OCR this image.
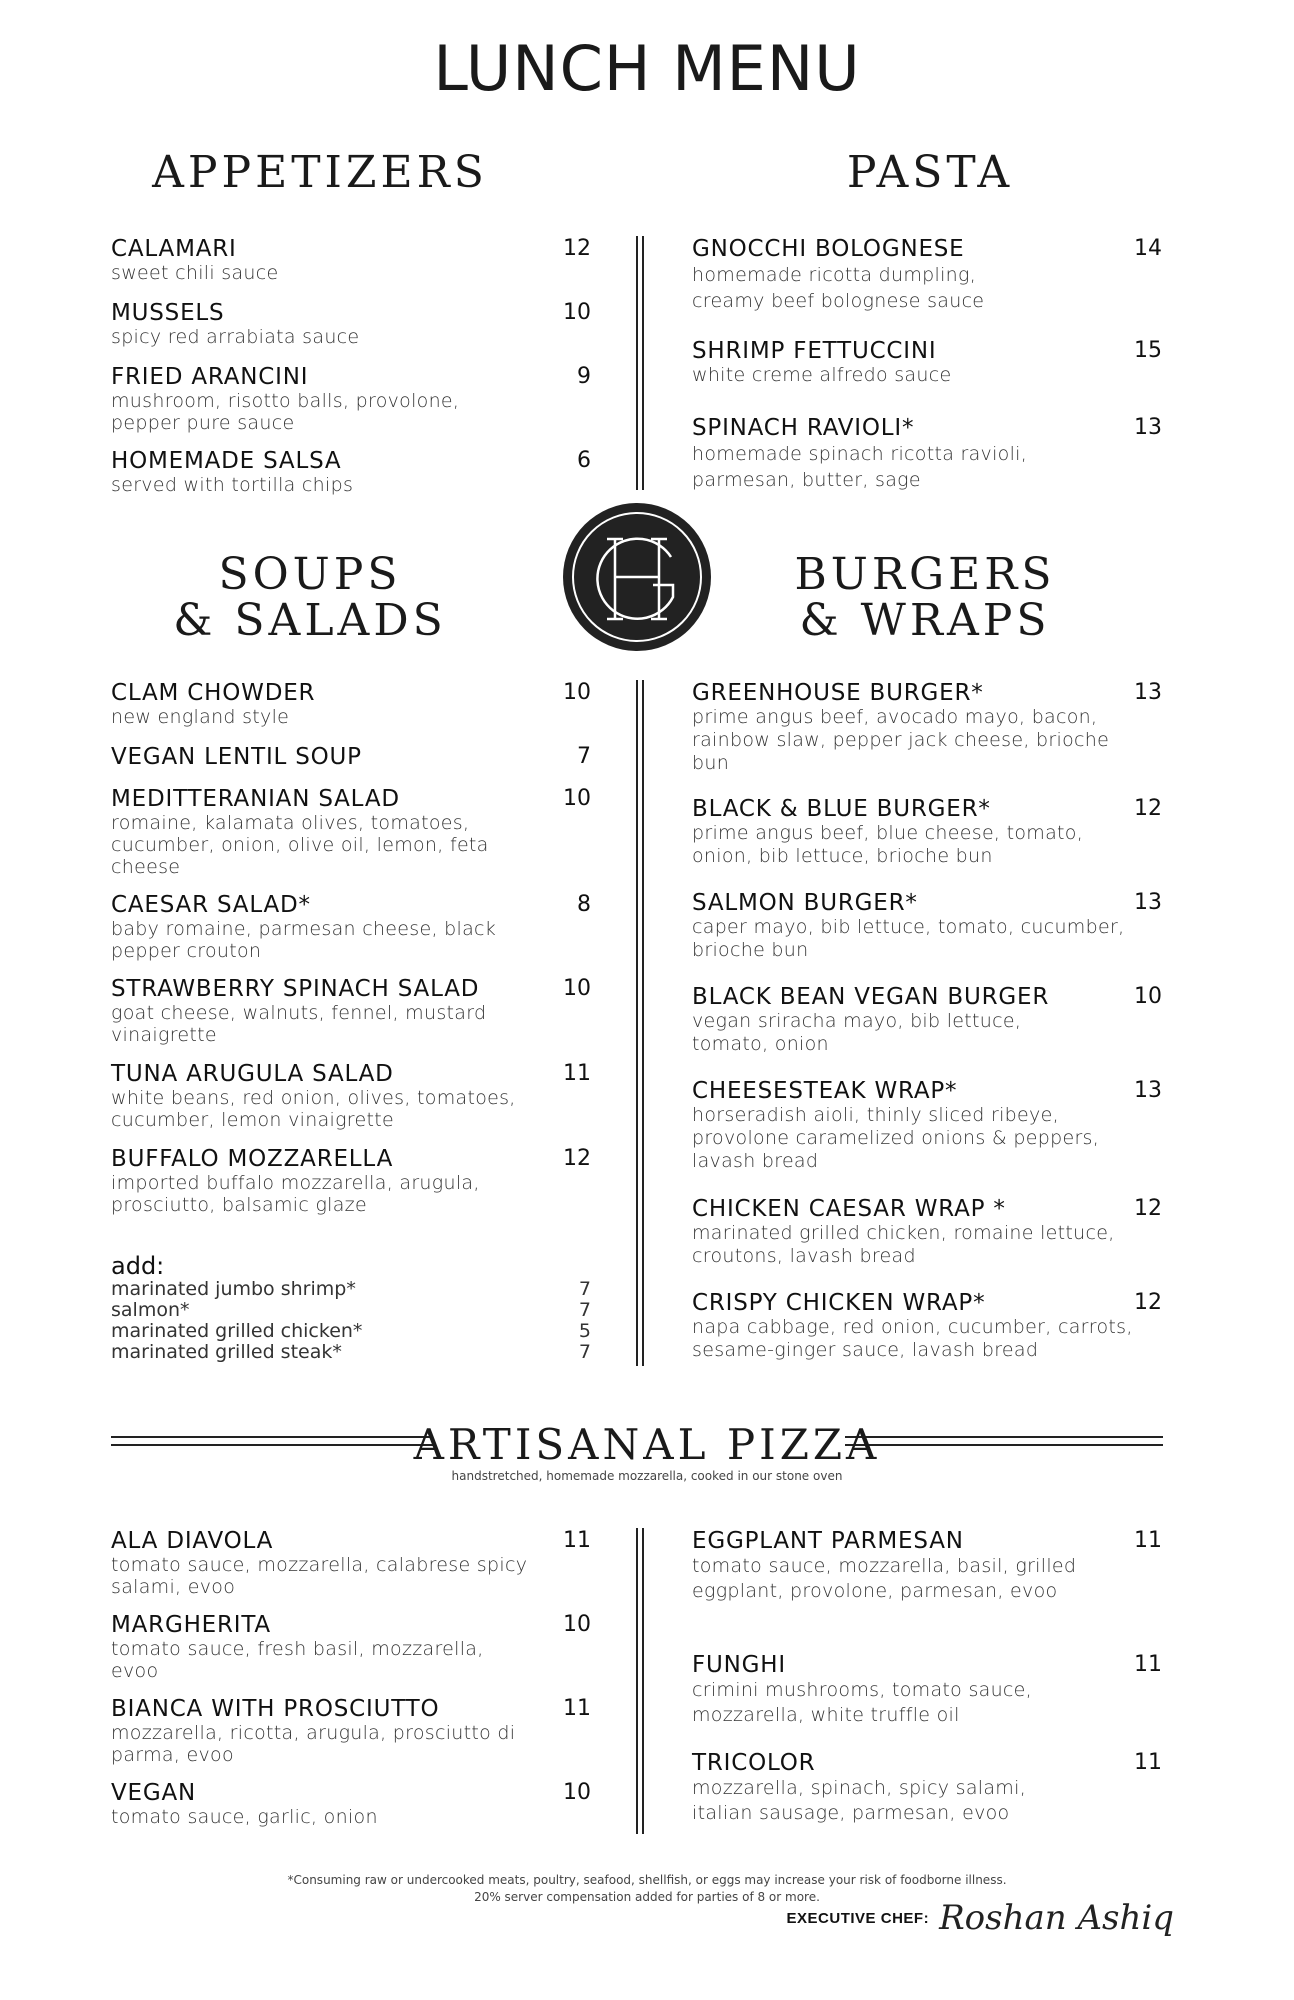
LUNCH MENU
APPETIZERS
CALAMARI
sweet chili sauce
12
MUSSELS
spicy red arrabiata sauce
10
FRIED ARANCINI
mushroom, risotto balls, provolone, pepper pure sauce
9
HOMEMADE SALSA
served with tortilla chips
6
PASTA
GNOCCHI BOLOGNESE
homemade ricotta dumpling, creamy beef bolognese sauce
14
SHRIMP FETTUCCINI
white creme alfredo sauce
15
SPINACH RAVIOLI*
homemade spinach ricotta ravioli, parmesan, butter, sage
13
SOUPS
& SALADS
CLAM CHOWDER
new england style
10
VEGAN LENTIL SOUP	7
MEDITTERANIAN SALAD
romaine, kalamata olives, tomatoes, cucumber, onion, olive oil, lemon, feta cheese
10
CAESAR SALAD*
baby romaine, parmesan cheese, black pepper crouton
8
STRAWBERRY SPINACH SALAD
goat cheese, walnuts, fennel, mustard vinaigrette
10
TUNA ARUGULA SALAD
white beans, red onion, olives, tomatoes, cucumber, lemon vinaigrette
11
BUFFALO MOZZARELLA
imported buffalo mozzarella, arugula, prosciutto, balsamic glaze
12
add:
marinated jumbo shrimp*	7
salmon*	7
marinated grilled chicken*	5
marinated grilled steak*	7
BURGERS
& WRAPS
GREENHOUSE BURGER*
prime angus beef, avocado mayo, bacon, rainbow slaw, pepper jack cheese, brioche bun
13
BLACK & BLUE BURGER*
prime angus beef, blue cheese, tomato, onion, bib lettuce, brioche bun
12
SALMON BURGER*
caper mayo, bib lettuce, tomato, cucumber, brioche bun
13
BLACK BEAN VEGAN BURGER
vegan sriracha mayo, bib lettuce, tomato, onion
10
CHEESESTEAK WRAP*
horseradish aioli, thinly sliced ribeye, provolone caramelized onions & peppers, lavash bread
13
CHICKEN CAESAR WRAP *
marinated grilled chicken, romaine lettuce, croutons, lavash bread
12
CRISPY CHICKEN WRAP*
napa cabbage, red onion, cucumber, carrots, sesame-ginger sauce, lavash bread
12
ARTISANAL PIZZA
handstretched, homemade mozzarella, cooked in our stone oven
ALA DIAVOLA
tomato sauce, mozzarella, calabrese spicy salami, evoo
11
MARGHERITA
tomato sauce, fresh basil, mozzarella, evoo
10
BIANCA WITH PROSCIUTTO
mozzarella, ricotta, arugula, prosciutto di parma, evoo
11
VEGAN
tomato sauce, garlic, onion
10
EGGPLANT PARMESAN
tomato sauce, mozzarella, basil, grilled eggplant, provolone, parmesan, evoo
11
FUNGHI
crimini mushrooms, tomato sauce, mozzarella, white truffle oil
11
TRICOLOR
mozzarella, spinach, spicy salami, italian sausage, parmesan, evoo
11
*Consuming raw or undercooked meats, poultry, seafood, shellfish, or eggs may increase your risk of foodborne illness.
20% server compensation added for parties of 8 or more.
EXECUTIVE CHEF: Roshan Ashiq
